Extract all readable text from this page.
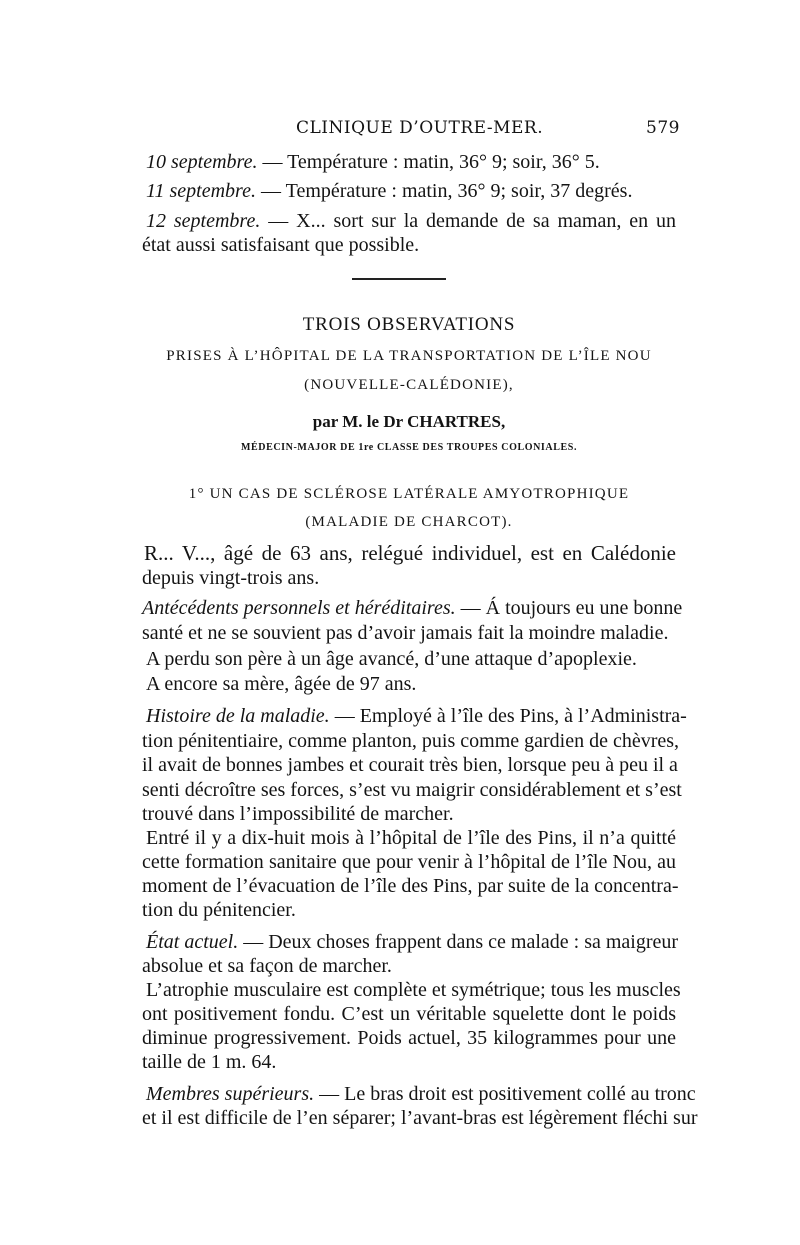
CLINIQUE D’OUTRE-MER.	579
10 septembre. — Température : matin, 36° 9; soir, 36° 5.
11 septembre. — Température : matin, 36° 9; soir, 37 degrés.
12 septembre. — X... sort sur la demande de sa maman, en un
état aussi satisfaisant que possible.
TROIS OBSERVATIONS
PRISES À L’HÔPITAL DE LA TRANSPORTATION DE L’ÎLE NOU
(NOUVELLE-CALÉDONIE),
par M. le Dr CHARTRES,
MÉDECIN-MAJOR DE 1re CLASSE DES TROUPES COLONIALES.
1° UN CAS DE SCLÉROSE LATÉRALE AMYOTROPHIQUE
(MALADIE DE CHARCOT).
R... V..., âgé de 63 ans, relégué individuel, est en Calédonie
depuis vingt-trois ans.
Antécédents personnels et héréditaires. — Á toujours eu une bonne
santé et ne se souvient pas d’avoir jamais fait la moindre maladie.
A perdu son père à un âge avancé, d’une attaque d’apoplexie.
A encore sa mère, âgée de 97 ans.
Histoire de la maladie. — Employé à l’île des Pins, à l’Administra-
tion pénitentiaire, comme planton, puis comme gardien de chèvres,
il avait de bonnes jambes et courait très bien, lorsque peu à peu il a
senti décroître ses forces, s’est vu maigrir considérablement et s’est
trouvé dans l’impossibilité de marcher.
Entré il y a dix-huit mois à l’hôpital de l’île des Pins, il n’a quitté
cette formation sanitaire que pour venir à l’hôpital de l’île Nou, au
moment de l’évacuation de l’île des Pins, par suite de la concentra-
tion du pénitencier.
État actuel. — Deux choses frappent dans ce malade : sa maigreur
absolue et sa façon de marcher.
L’atrophie musculaire est complète et symétrique; tous les muscles
ont positivement fondu. C’est un véritable squelette dont le poids
diminue progressivement. Poids actuel, 35 kilogrammes pour une
taille de 1 m. 64.
Membres supérieurs. — Le bras droit est positivement collé au tronc
et il est difficile de l’en séparer; l’avant-bras est légèrement fléchi sur
